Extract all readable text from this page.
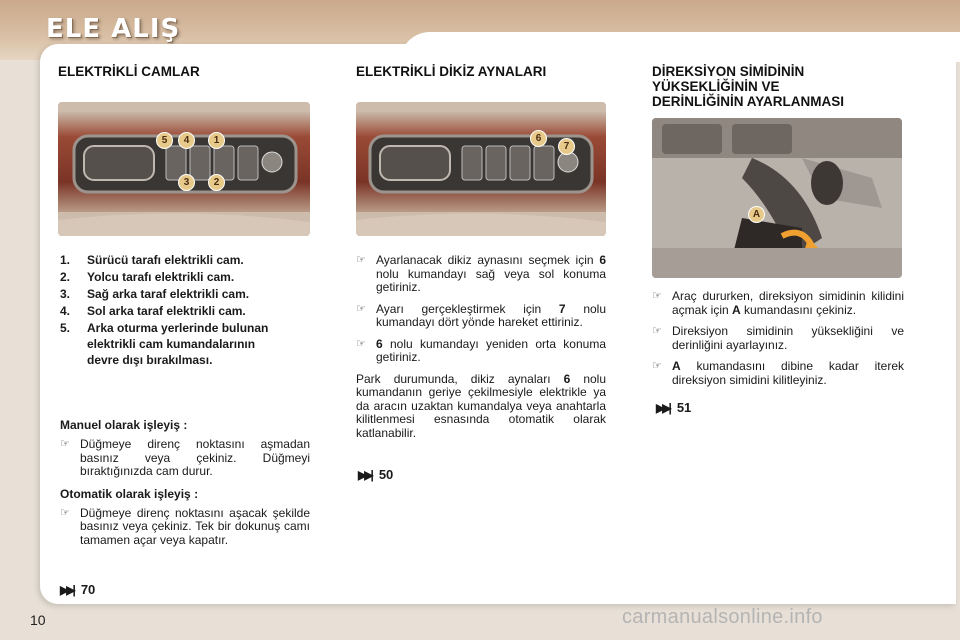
ELE ALIŞ
ELEKTRİKLİ CAMLAR
5	4	1
3	2
1.	Sürücü tarafı elektrikli cam.
2.	Yolcu tarafı elektrikli cam.
3.	Sağ arka taraf elektrikli cam.
4.	Sol arka taraf elektrikli cam.
5.	Arka oturma yerlerinde bulunan elektrikli cam kumandalarının devre dışı bırakılması.

Manuel olarak işleyiş :

☞ Düğmeye direnç noktasını aşmadan basınız veya çekiniz. Düğmeyi bıraktığınızda cam durur.

Otomatik olarak işleyiş :

☞ Düğmeye direnç noktasını aşacak şekilde basınız veya çekiniz. Tek bir dokunuş camı tamamen açar veya kapatır.
▶▶| 70
ELEKTRİKLİ DİKİZ AYNALARI
6
7
☞ Ayarlanacak dikiz aynasını seçmek için 6 nolu kumandayı sağ veya sol konuma getiriniz.
☞ Ayarı gerçekleştirmek için 7 nolu kumandayı dört yönde hareket ettiriniz.
☞ 6 nolu kumandayı yeniden orta konuma getiriniz.

Park durumunda, dikiz aynaları 6 nolu kumandanın geriye çekilmesiyle elektrikle ya da aracın uzaktan kumandalya veya anahtarla kilitlenmesi esnasında otomatik olarak katlanabilir.

▶▶| 50
DİREKSİYON SİMİDİNİN
YÜKSEKLİĞİNİN VE
DERİNLİĞİNİN AYARLANMASI
A
☞ Araç dururken, direksiyon simidinin kilidini açmak için A kumandasını çekiniz.
☞ Direksiyon simidinin yüksekliğini ve derinliğini ayarlayınız.
☞ A kumandasını dibine kadar iterek direksiyon simidini kilitleyiniz.
▶▶| 51
10	carmanualsonline.info
